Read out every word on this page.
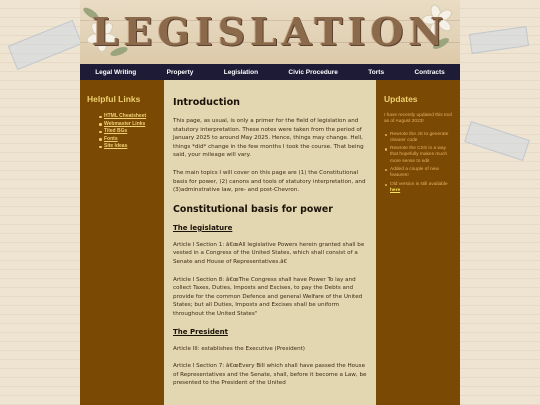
LEGISLATION
Legal Writing	Property	Legislation	Civic Procedure	Torts	Contracts
Helpful Links
HTML Cheatsheet
Webmaster Links
Tiled BGs
Fonts
Site Ideas
Introduction

This page, as usual, is only a primer for the field of legislation and statutory interpretation. These notes were taken from the period of January 2025 to around May 2025. Hence, things may change. Hell, things *did* change in the few months I took the course. That being said, your mileage will vary.

The main topics I will cover on this page are (1) the Constitutional basis for power, (2) canons and tools of statutory interpretation, and (3)adminstrative law, pre- and post-Chevron.

Constitutional basis for power
The legislature

Article I Section 1: â€œAll legislative Powers herein granted shall be vested in a Congress of the United States, which shall consist of a Senate and House of Representatives.â€

Article I Section 8: â€œThe Congress shall have Power To lay and collect Taxes, Duties, Imposts and Excises, to pay the Debts and provide for the common Defence and general Welfare of the United States; but all Duties, Imposts and Excises shall be uniform throughout the United States"

The President

Article III: establishes the Executive (President)

Article I Section 7: â€œEvery Bill which shall have passed the House of Representatives and the Senate, shall, before it become a Law, be presented to the President of the United

Updates

I have recently updated this tool as of August 2023!

Rewrote the JS to generate cleaner code
Rewrote the CSS in a way that hopefully makes much more sense to edit
Added a couple of new features!
Old version is still available here
